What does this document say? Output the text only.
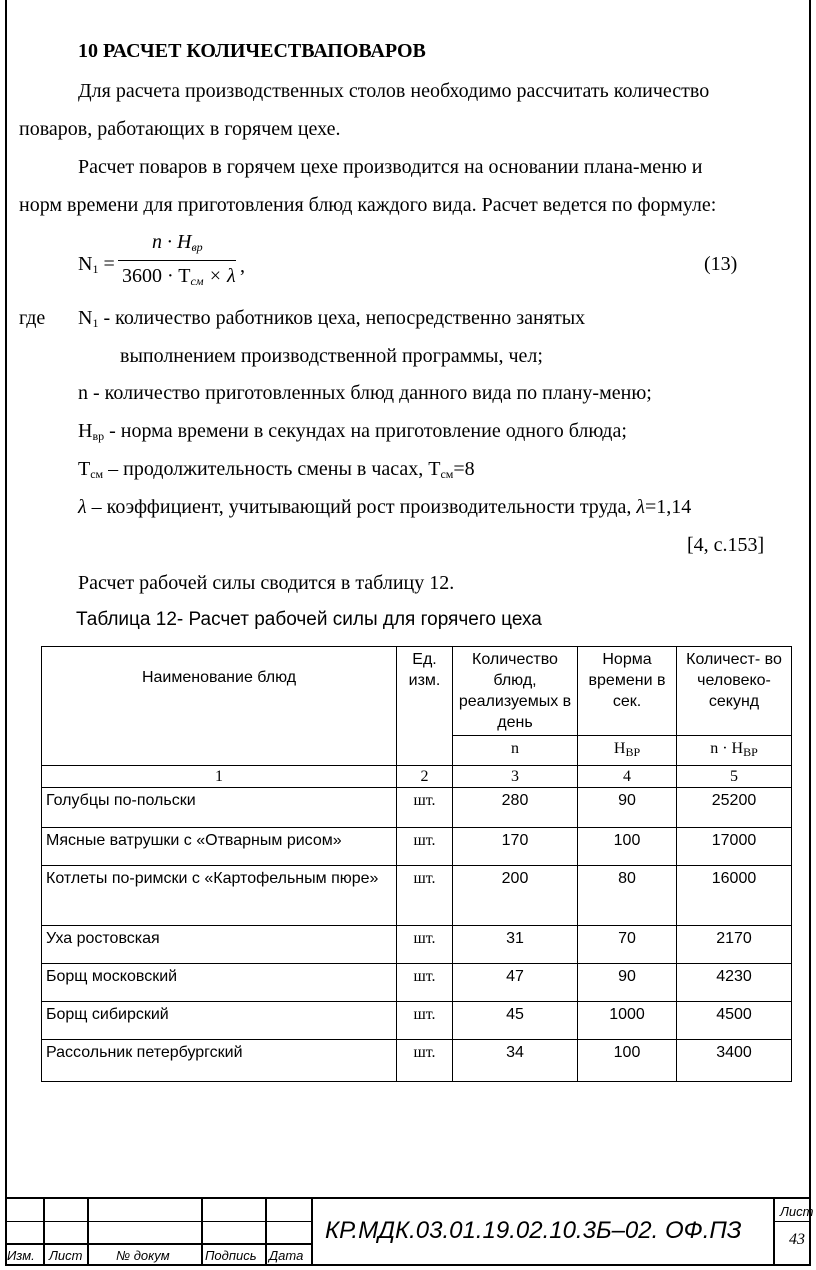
10 РАСЧЕТ КОЛИЧЕСТВАПОВАРОВ
Для расчета производственных столов необходимо рассчитать количество
поваров, работающих в горячем цехе.
Расчет поваров в горячем цехе производится на основании плана-меню и
норм времени для приготовления блюд каждого вида. Расчет ведется по формуле:
$N_1$ =
$n \cdot H_{вр}$
$3600 \cdot T_{см} \times \lambda$ ,	(13)
где $N_1$ - количество работников цеха, непосредственно занятых
выполнением производственной программы, чел;
n - количество приготовленных блюд данного вида по плану-меню;
$Н_{вр}$ - норма времени в секундах на приготовление одного блюда;
$Т_{см}$ – продолжительность смены в часах, $Т_{см}=8$
λ – коэффициент, учитывающий рост производительности труда, λ=1,14
[4, с.153]
Расчет рабочей силы сводится в таблицу 12.
Таблица 12- Расчет рабочей силы для горячего цеха
Наименование блюд	Ед. изм.	Количество блюд, реализуемых в день	Норма времени в сек.	Количест- во человеко- секунд
		n	$Н_{ВР}$	$n \cdot Н_{ВР}$
1	2	3	4	5
Голубцы по-польски	шт.	280	90	25200
Мясные ватрушки с «Отварным рисом»	шт.	170	100	17000
Котлеты по-римски с «Картофельным пюре»	шт.	200	80	16000
Уха ростовская	шт.	31	70	2170
Борщ московский	шт.	47	90	4230
Борщ сибирский	шт.	45	1000	4500
Рассольник петербургский	шт.	34	100	3400
Изм. Лист	№ докум	Подпись Дата
КР.МДК.03.01.19.02.10.3Б–02. ОФ.ПЗ
Лист
43
